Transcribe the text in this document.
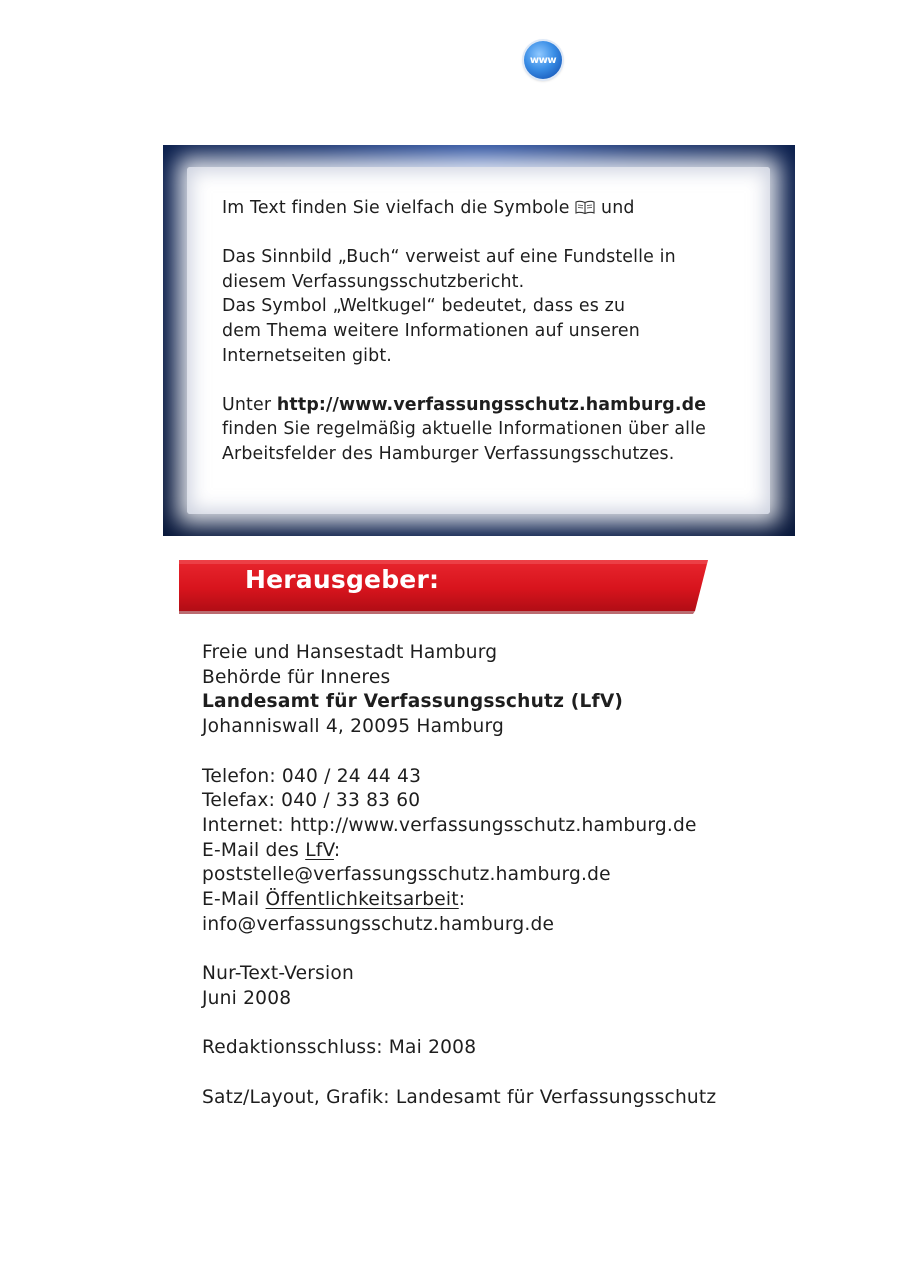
www

Im Text finden Sie vielfach die Symbole und

Das Sinnbild „Buch“ verweist auf eine Fundstelle in

diesem Verfassungsschutzbericht.

Das Symbol „Weltkugel“ bedeutet, dass es zu

dem Thema weitere Informationen auf unseren

Internetseiten gibt.

Unter http://www.verfassungsschutz.hamburg.de

finden Sie regelmäßig aktuelle Informationen über alle

Arbeitsfelder des Hamburger Verfassungsschutzes.

Herausgeber:

Freie und Hansestadt Hamburg

Behörde für Inneres

Landesamt für Verfassungsschutz (LfV)

Johanniswall 4, 20095 Hamburg

Telefon: 040 / 24 44 43

Telefax: 040 / 33 83 60

Internet: http://www.verfassungsschutz.hamburg.de

E-Mail des LfV:

poststelle@verfassungsschutz.hamburg.de

E-Mail Öffentlichkeitsarbeit:

info@verfassungsschutz.hamburg.de

Nur-Text-Version

Juni 2008

Redaktionsschluss: Mai 2008

Satz/Layout, Grafik: Landesamt für Verfassungsschutz
